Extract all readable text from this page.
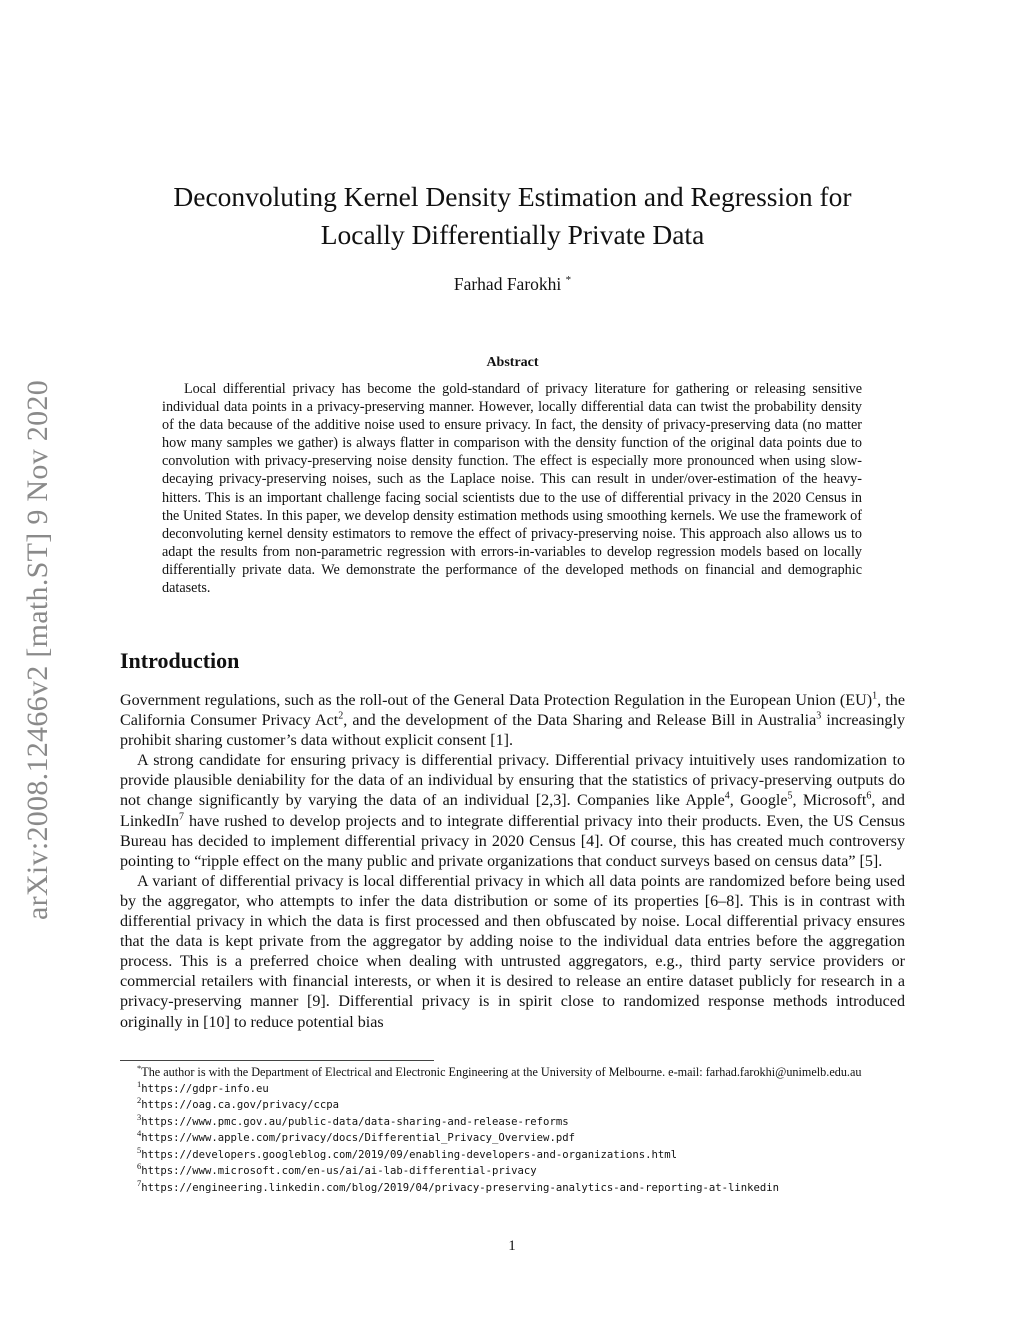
arXiv:2008.12466v2 [math.ST] 9 Nov 2020
Deconvoluting Kernel Density Estimation and Regression for
Locally Differentially Private Data
Farhad Farokhi *
Abstract

Local differential privacy has become the gold-standard of privacy literature for gathering or releasing sensitive individual data points in a privacy-preserving manner. However, locally differential data can twist the probability density of the data because of the additive noise used to ensure privacy. In fact, the density of privacy-preserving data (no matter how many samples we gather) is always flatter in comparison with the density function of the original data points due to convolution with privacy-preserving noise density function. The effect is especially more pronounced when using slow-decaying privacy-preserving noises, such as the Laplace noise. This can result in under/over-estimation of the heavy-hitters. This is an important challenge facing social scientists due to the use of differential privacy in the 2020 Census in the United States. In this paper, we develop density estimation methods using smoothing kernels. We use the framework of deconvoluting kernel density estimators to remove the effect of privacy-preserving noise. This approach also allows us to adapt the results from non-parametric regression with errors-in-variables to develop regression models based on locally differentially private data. We demonstrate the performance of the developed methods on financial and demographic datasets.

Introduction

Government regulations, such as the roll-out of the General Data Protection Regulation in the European Union (EU)$^1$, the California Consumer Privacy Act$^2$, and the development of the Data Sharing and Release Bill in Australia$^3$ increasingly prohibit sharing customer’s data without explicit consent [1].

A strong candidate for ensuring privacy is differential privacy. Differential privacy intuitively uses randomization to provide plausible deniability for the data of an individual by ensuring that the statistics of privacy-preserving outputs do not change significantly by varying the data of an individual [2,3]. Companies like Apple$^4$, Google$^5$, Microsoft$^6$, and LinkedIn$^7$ have rushed to develop projects and to integrate differential privacy into their products. Even, the US Census Bureau has decided to implement differential privacy in 2020 Census [4]. Of course, this has created much controversy pointing to “ripple effect on the many public and private organizations that conduct surveys based on census data” [5].

A variant of differential privacy is local differential privacy in which all data points are randomized before being used by the aggregator, who attempts to infer the data distribution or some of its properties [6–8]. This is in contrast with differential privacy in which the data is first processed and then obfuscated by noise. Local differential privacy ensures that the data is kept private from the aggregator by adding noise to the individual data entries before the aggregation process. This is a preferred choice when dealing with untrusted aggregators, e.g., third party service providers or commercial retailers with financial interests, or when it is desired to release an entire dataset publicly for research in a privacy-preserving manner [9]. Differential privacy is in spirit close to randomized response methods introduced originally in [10] to reduce potential bias

*The author is with the Department of Electrical and Electronic Engineering at the University of Melbourne. e-mail: farhad.farokhi@unimelb.edu.au

$^1$https://gdpr-info.eu

$^2$https://oag.ca.gov/privacy/ccpa

$^3$https://www.pmc.gov.au/public-data/data-sharing-and-release-reforms

$^4$https://www.apple.com/privacy/docs/Differential_Privacy_Overview.pdf

$^5$https://developers.googleblog.com/2019/09/enabling-developers-and-organizations.html

$^6$https://www.microsoft.com/en-us/ai/ai-lab-differential-privacy

$^7$https://engineering.linkedin.com/blog/2019/04/privacy-preserving-analytics-and-reporting-at-linkedin

1
